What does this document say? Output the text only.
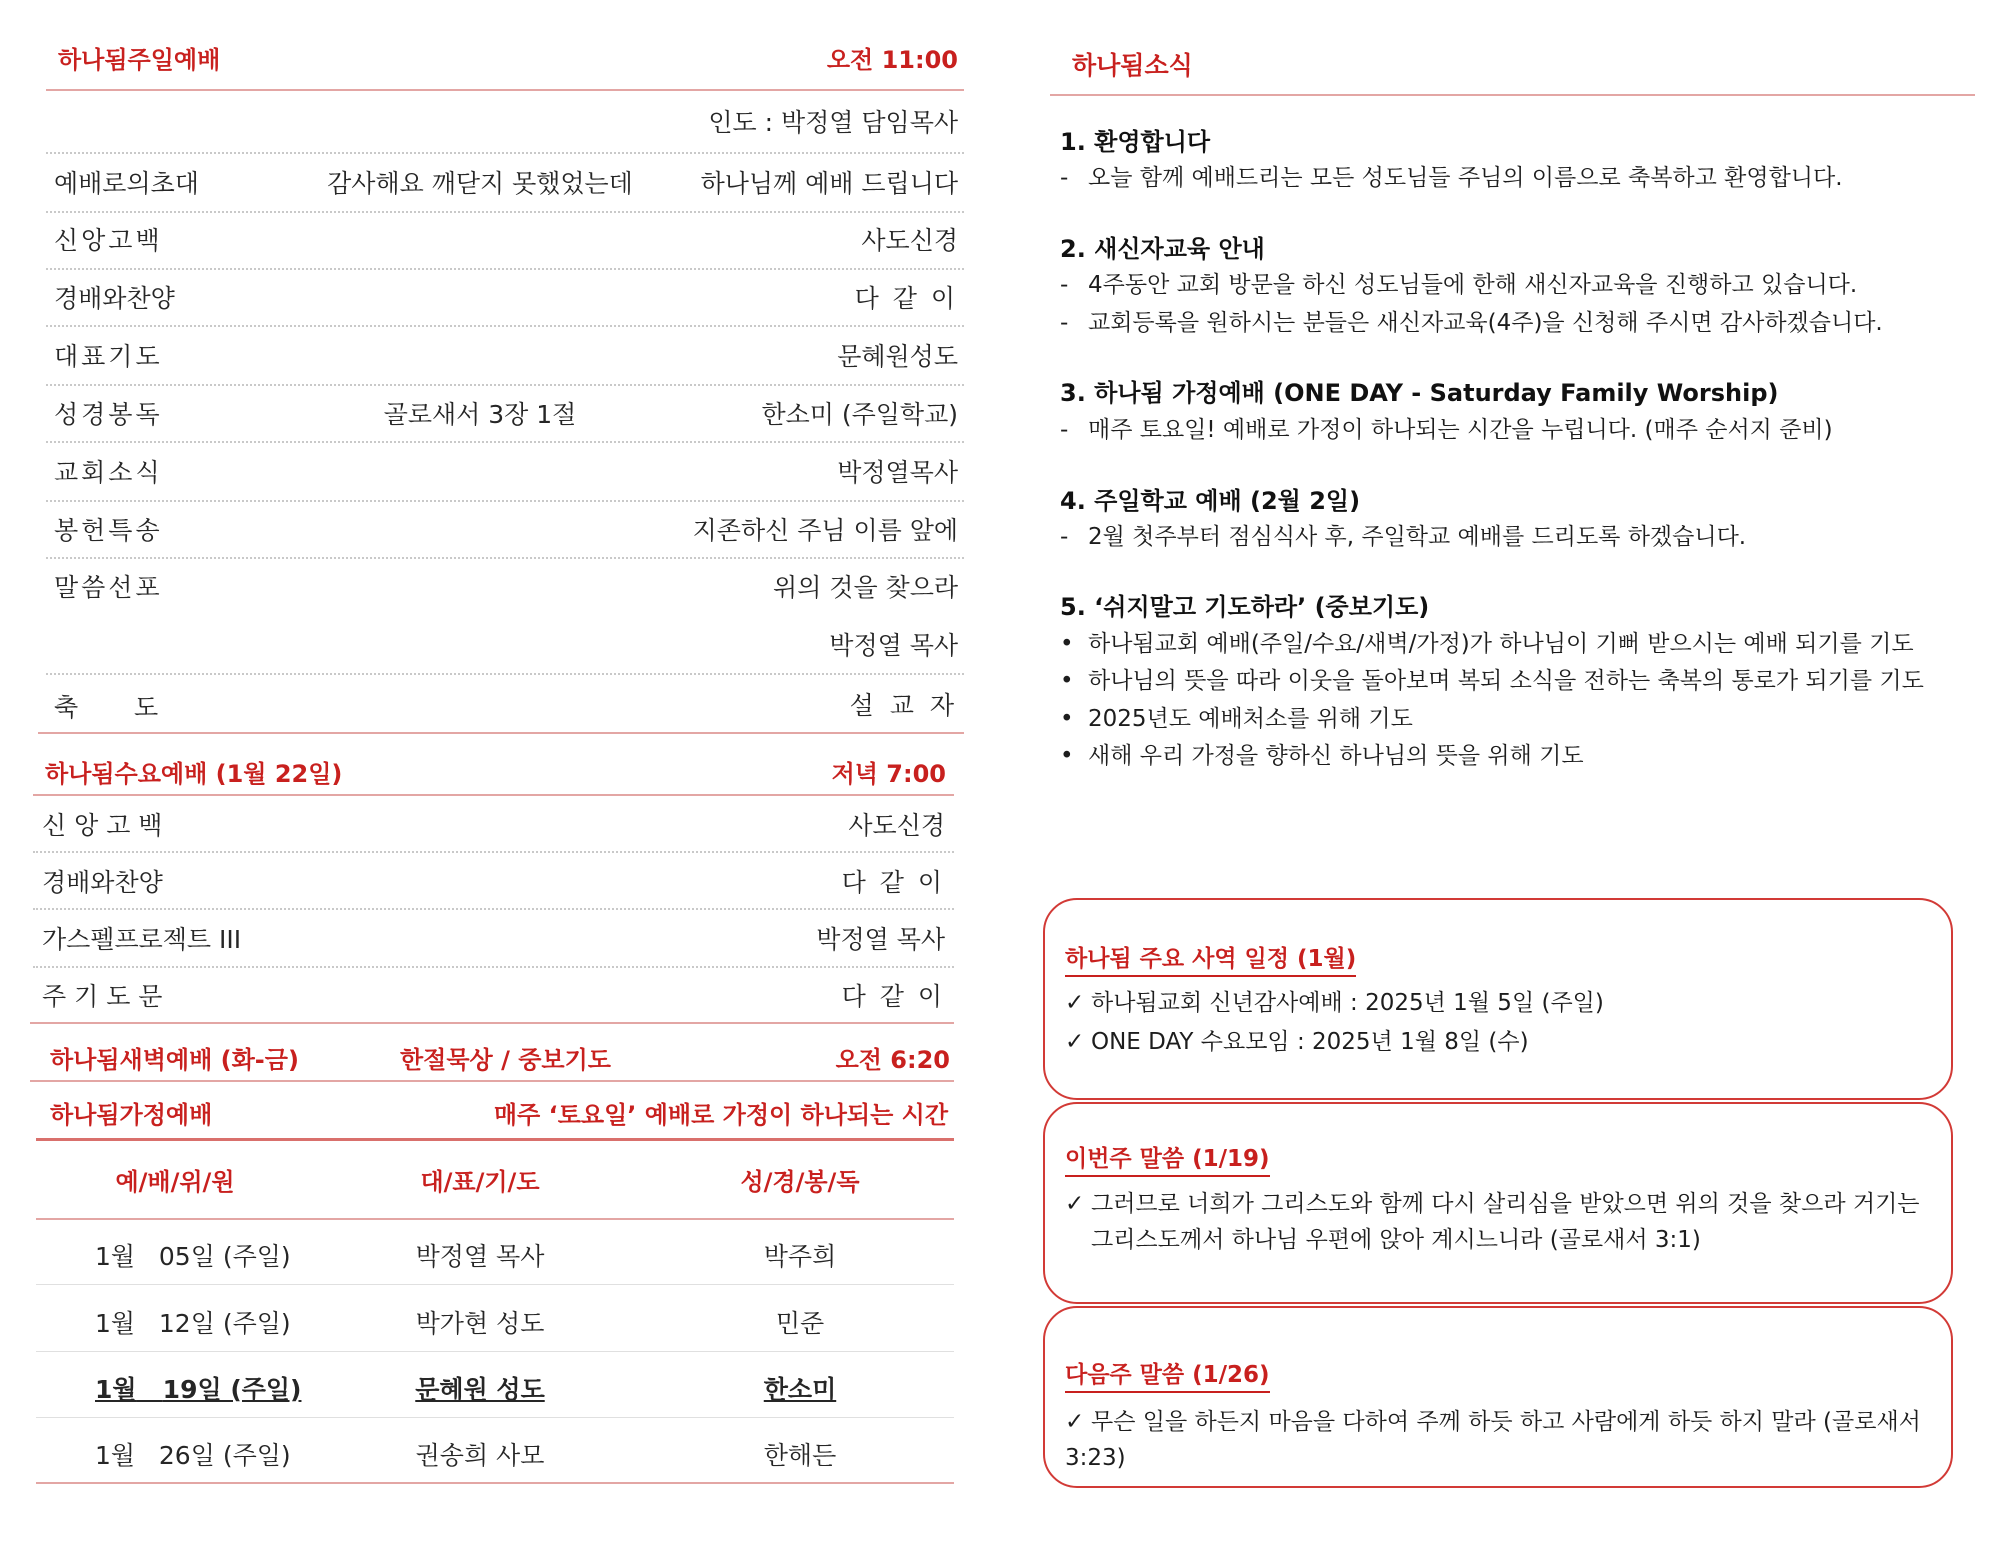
하나됨주일예배	오전 11:00
인도 : 박정열 담임목사
예배로의초대	감사해요 깨닫지 못했었는데	하나님께 예배 드립니다
신앙고백	사도신경
경배와찬양	다 같 이
대표기도	문혜원성도
성경봉독	골로새서 3장 1절	한소미 (주일학교)
교회소식	박정열목사
봉헌특송	지존하신 주님 이름 앞에
말씀선포	위의 것을 찾으라
박정열 목사
축  도	설 교 자
하나됨수요예배 (1월 22일)	저녁 7:00
신 앙 고 백	사도신경
경배와찬양	다 같 이
가스펠프로젝트 III	박정열 목사
주 기 도 문	다 같 이
하나됨새벽예배 (화-금)	한절묵상 / 중보기도	오전 6:20
하나됨가정예배	매주 ‘토요일’ 예배로 가정이 하나되는 시간
예/배/위/원	대/표/기/도	성/경/봉/독
1월 05일 (주일)	박정열 목사	박주희
1월 12일 (주일)	박가현 성도	민준
1월 19일 (주일)	문혜원 성도	한소미
1월 26일 (주일)	권송희 사모	한해든
하나됨소식
1. 환영합니다
- 오늘 함께 예배드리는 모든 성도님들 주님의 이름으로 축복하고 환영합니다.
2. 새신자교육 안내
- 4주동안 교회 방문을 하신 성도님들에 한해 새신자교육을 진행하고 있습니다.
- 교회등록을 원하시는 분들은 새신자교육(4주)을 신청해 주시면 감사하겠습니다.
3. 하나됨 가정예배 (ONE DAY - Saturday Family Worship)
- 매주 토요일! 예배로 가정이 하나되는 시간을 누립니다. (매주 순서지 준비)
4. 주일학교 예배 (2월 2일)
- 2월 첫주부터 점심식사 후, 주일학교 예배를 드리도록 하겠습니다.
5. ‘쉬지말고 기도하라’ (중보기도)
• 하나됨교회 예배(주일/수요/새벽/가정)가 하나님이 기뻐 받으시는 예배 되기를 기도
• 하나님의 뜻을 따라 이웃을 돌아보며 복되 소식을 전하는 축복의 통로가 되기를 기도
• 2025년도 예배처소를 위해 기도
• 새해 우리 가정을 향하신 하나님의 뜻을 위해 기도
하나됨 주요 사역 일정 (1월)
✓ 하나됨교회 신년감사예배 : 2025년 1월 5일 (주일)
✓ ONE DAY 수요모임 : 2025년 1월 8일 (수)
이번주 말씀 (1/19)
✓ 그러므로 너희가 그리스도와 함께 다시 살리심을 받았으면 위의 것을 찾으라 거기는 그리스도께서 하나님 우편에 앉아 계시느니라 (골로새서 3:1)
다음주 말씀 (1/26)
✓ 무슨 일을 하든지 마음을 다하여 주께 하듯 하고 사람에게 하듯 하지 말라 (골로새서 3:23)
